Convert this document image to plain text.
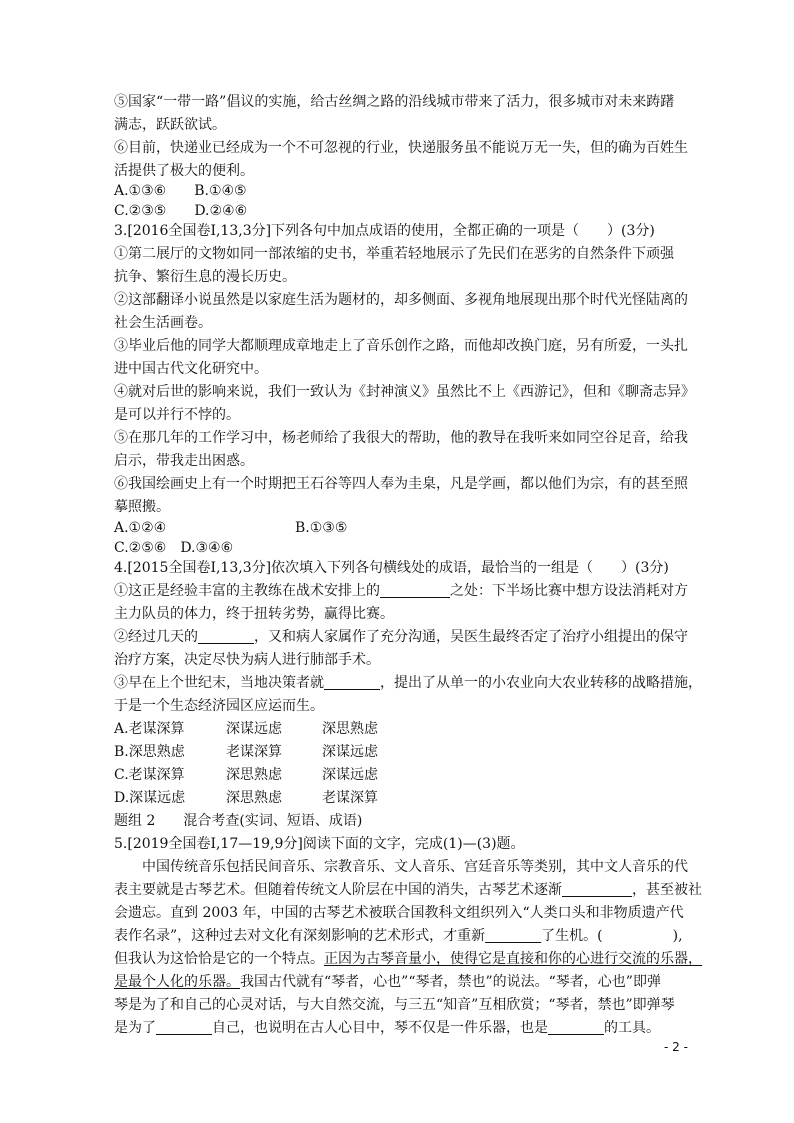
⑤国家“一带一路”倡议的实施，给古丝绸之路的沿线城市带来了活力，很多城市对未来踌躇
满志，跃跃欲试。
⑥目前，快递业已经成为一个不可忽视的行业，快递服务虽不能说万无一失，但的确为百姓生
活提供了极大的便利。
A.①③⑥　　B.①④⑤
C.②③⑤　　D.②④⑥
3.[2016全国卷Ⅰ,13,3分]下列各句中加点成语的使用，全都正确的一项是（　　）(3分)
①第二展厅的文物如同一部浓缩的史书，举重若轻地展示了先民们在恶劣的自然条件下顽强
抗争、繁衍生息的漫长历史。
②这部翻译小说虽然是以家庭生活为题材的，却多侧面、多视角地展现出那个时代光怪陆离的
社会生活画卷。
③毕业后他的同学大都顺理成章地走上了音乐创作之路，而他却改换门庭，另有所爱，一头扎
进中国古代文化研究中。
④就对后世的影响来说，我们一致认为《封神演义》虽然比不上《西游记》，但和《聊斋志异》
是可以并行不悖的。
⑤在那几年的工作学习中，杨老师给了我很大的帮助，他的教导在我听来如同空谷足音，给我
启示，带我走出困惑。
⑥我国绘画史上有一个时期把王石谷等四人奉为圭臬，凡是学画，都以他们为宗，有的甚至照
摹照搬。
A.①②④	B.①③⑤
C.②⑤⑥　 D.③④⑥
4.[2015全国卷Ⅰ,13,3分]依次填入下列各句横线处的成语，最恰当的一组是（　　）(3分)
①这正是经验丰富的主教练在战术安排上的　　　　　	之处：下半场比赛中想方设法消耗对方
主力队员的体力，终于扭转劣势，赢得比赛。
②经过几天的　　　　	，又和病人家属作了充分沟通，吴医生最终否定了治疗小组提出的保守
治疗方案，决定尽快为病人进行肺部手术。
③早在上个世纪末，当地决策者就　　　　	，提出了从单一的小农业向大农业转移的战略措施，
于是一个生态经济园区应运而生。
A.老谋深算	深谋远虑	深思熟虑
B.深思熟虑	老谋深算	深谋远虑
C.老谋深算	深思熟虑	深谋远虑
D.深谋远虑	深思熟虑	老谋深算
题组 2　　混合考查(实词、短语、成语)
5.[2019全国卷Ⅰ,17—19,9分]阅读下面的文字，完成(1)—(3)题。
中国传统音乐包括民间音乐、宗教音乐、文人音乐、宫廷音乐等类别，其中文人音乐的代
表主要就是古琴艺术。但随着传统文人阶层在中国的消失，古琴艺术逐渐　　　　　	，甚至被社
会遗忘。直到 2003 年，中国的古琴艺术被联合国教科文组织列入“人类口头和非物质遗产代
表作名录”，这种过去对文化有深刻影响的艺术形式，才重新　　　　	了生机。(　　　　　),
但我认为这恰恰是它的一个特点。正因为古琴音量小，使得它是直接和你的心进行交流的乐器，
是最个人化的乐器。我国古代就有“琴者，心也”“琴者，禁也”的说法。“琴者，心也”即弹
琴是为了和自己的心灵对话，与大自然交流，与三五“知音”互相欣赏；“琴者，禁也”即弹琴
是为了　　　　	自己，也说明在古人心目中，琴不仅是一件乐器，也是　　　　	的工具。
- 2 -
